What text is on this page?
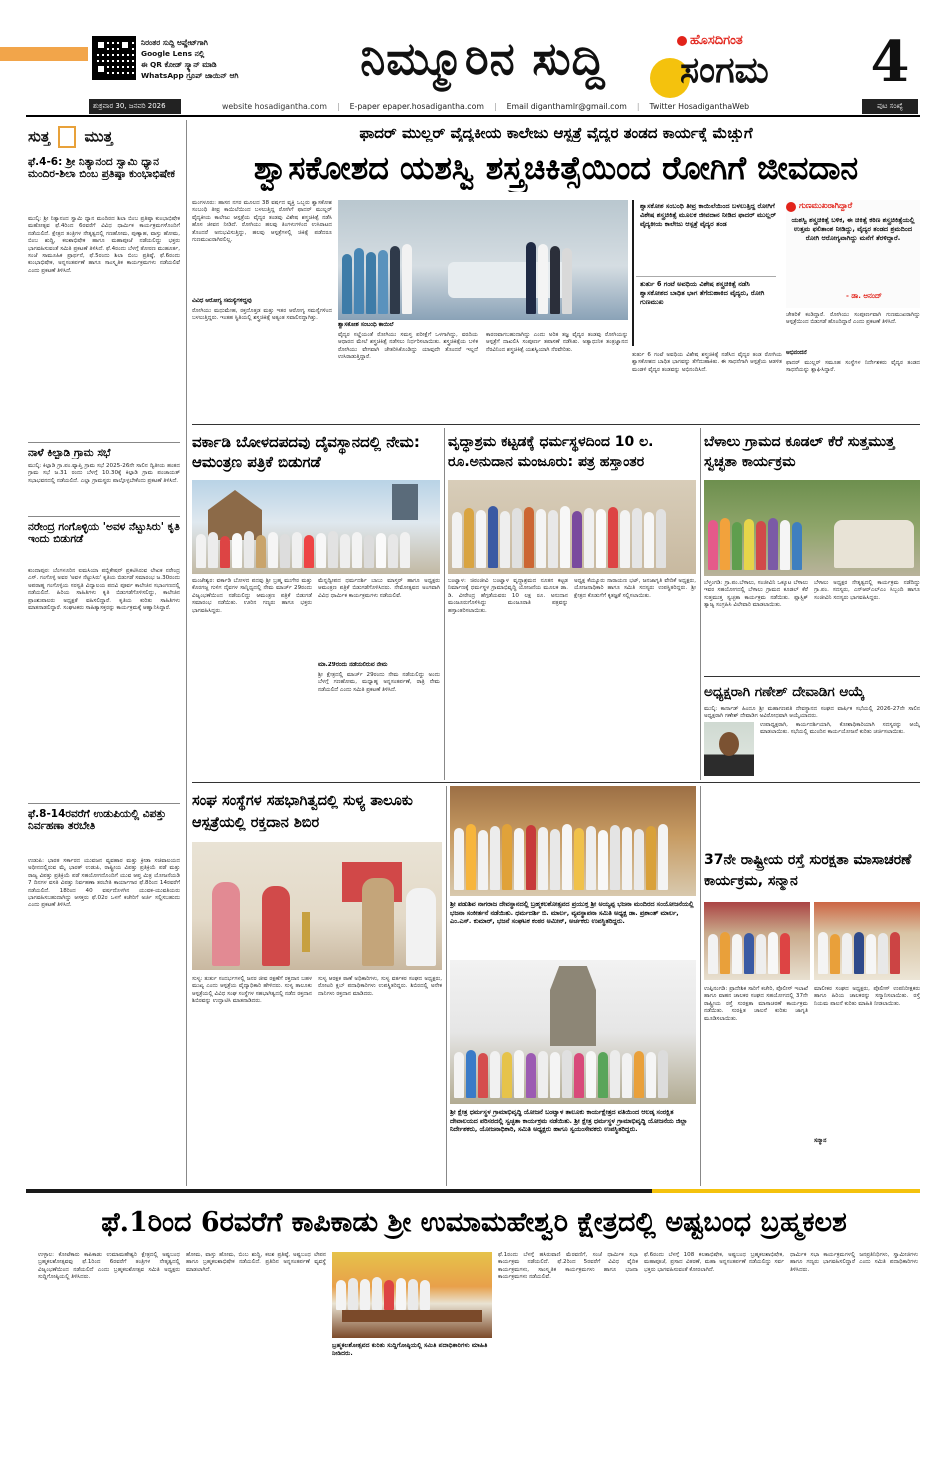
ನಿರಂತರ ಸುದ್ದಿ ಅಪ್ಡೇಟ್‌ಗಾಗಿ
Google Lens ನಲ್ಲಿ
ಈ QR ಕೋಡ್ ಸ್ಕ್ಯಾನ್ ಮಾಡಿ
WhatsApp ಗ್ರೂಪ್ ಜಾಯಿನ್ ಆಗಿ	ನಿಮ್ಮೂರಿನ ಸುದ್ದಿ	ಹೊಸದಿಗಂತ
ಸಂಗಮ 4
ಶುಕ್ರವಾರ 30, ಜನವರಿ 2026	website hosadigantha.com | E-paper epaper.hosadigantha.com | Email diganthamlr@gmail.com | Twitter HosadiganthaWeb	ಪುಟ ಸಂಖ್ಯೆ
ಸುತ್ತ ಮುತ್ತ
ಫೆ.4-6: ಶ್ರೀ ನಿತ್ಯಾನಂದ ಸ್ವಾಮಿ ಧ್ಯಾನ ಮಂದಿರ-ಶಿಲಾ ಬಿಂಬ ಪ್ರತಿಷ್ಠಾ ಕುಂಭಾಭಿಷೇಕ
ಮುಲ್ಕಿ: ಶ್ರೀ ನಿತ್ಯಾನಂದ ಸ್ವಾಮಿ ಧ್ಯಾನ ಮಂದಿರದ ಶಿಲಾ ಬಿಂಬ ಪ್ರತಿಷ್ಠಾ ಕುಂಭಾಭಿಷೇಕ ಮಹೋತ್ಸವ ಫೆ.4ರಿಂದ 6ರವರೆಗೆ ವಿವಿಧ ಧಾರ್ಮಿಕ ಕಾರ್ಯಕ್ರಮಗಳೊಂದಿಗೆ ನಡೆಯಲಿದೆ. ಕ್ಷೇತ್ರದ ತಂತ್ರಿಗಳ ನೇತೃತ್ವದಲ್ಲಿ ಗಣಹೋಮ, ಪುಣ್ಯಾಹ, ವಾಸ್ತು ಹೋಮ, ಬಿಂಬ ಶುದ್ಧಿ, ಕಲಶಾಭಿಷೇಕ ಹಾಗೂ ಮಹಾಪೂಜೆ ನಡೆಯಲಿದ್ದು ಭಕ್ತರು ಭಾಗವಹಿಸುವಂತೆ ಸಮಿತಿ ಪ್ರಕಟಣೆ ತಿಳಿಸಿದೆ. ಫೆ.4ರಂದು ಬೆಳಗ್ಗೆ ತೋರಣ ಮುಹೂರ್ತ, ಸಂಜೆ ಸಾಮೂಹಿಕ ಪ್ರಾರ್ಥನೆ, ಫೆ.5ರಂದು ಶಿಲಾ ಬಿಂಬ ಪ್ರತಿಷ್ಠೆ, ಫೆ.6ರಂದು ಕುಂಭಾಭಿಷೇಕ, ಅನ್ನಸಂತರ್ಪಣೆ ಹಾಗೂ ಸಾಂಸ್ಕೃತಿಕ ಕಾರ್ಯಕ್ರಮಗಳು ನಡೆಯಲಿವೆ ಎಂದು ಪ್ರಕಟಣೆ ತಿಳಿಸಿದೆ.
ನಾಳೆ ಕಿಲ್ಪಾಡಿ ಗ್ರಾಮ ಸಭೆ
ಮುಲ್ಕಿ: ಕಿಲ್ಪಾಡಿ ಗ್ರಾ.ಪಂ.ವ್ಯಾಪ್ತಿ ಗ್ರಾಮ ಸಭೆ 2025-26ನೇ ಸಾಲಿನ ದ್ವಿತೀಯ ಹಂತದ ಗ್ರಾಮ ಸಭೆ ಜ.31 ರಂದು ಬೆಳಗ್ಗೆ 10.30ಕ್ಕೆ ಕಿಲ್ಪಾಡಿ ಗ್ರಾಮ ಪಂಚಾಯತ್ ಸಭಾಭವನದಲ್ಲಿ ನಡೆಯಲಿದೆ. ಎಲ್ಲಾ ಗ್ರಾಮಸ್ಥರು ಪಾಲ್ಗೊಳ್ಳಬೇಕೆಂದು ಪ್ರಕಟಣೆ ತಿಳಿಸಿದೆ.
ನರೇಂದ್ರ ಗಂಗೊಳ್ಳಿಯ 'ಅವಳ ನೆಟ್ಟುಸಿರು' ಕೃತಿ ಇಂದು ಬಿಡುಗಡೆ
ಕುಂದಾಪುರ: ಬೆಂಗಳೂರಿನ ಐಮಸಿಯಾ ಪಬ್ಲಿಕೇಷನ್ ಪ್ರಕಟಿಸಿರುವ ಲೇಖಕ ನರೇಂದ್ರ ಎಸ್. ಗಂಗೊಳ್ಳಿ ಅವರ 'ಅವಳ ನೆಟ್ಟುಸಿರು' ಕೃತಿಯ ಬಿಡುಗಡೆ ಸಮಾರಂಭ ಜ.30ರಂದು ಅಪರಾಹ್ನ ಗಂಗೊಳ್ಳಿಯ ಸರಸ್ವತಿ ವಿದ್ಯಾಲಯ ಪದವಿ ಪೂರ್ವ ಕಾಲೇಜಿನ ಸಭಾಂಗಣದಲ್ಲಿ ನಡೆಯಲಿದೆ. ಹಿರಿಯ ಸಾಹಿತಿಗಳು ಕೃತಿ ಬಿಡುಗಡೆಗೊಳಿಸಲಿದ್ದು, ಕಾಲೇಜಿನ ಪ್ರಾಂಶುಪಾಲರು ಅಧ್ಯಕ್ಷತೆ ವಹಿಸಲಿದ್ದಾರೆ. ಕೃತಿಯ ಕುರಿತು ಸಾಹಿತಿಗಳು ಮಾತನಾಡಲಿದ್ದಾರೆ. ಸಂಘಟಕರು ಸಾಹಿತ್ಯಾಸಕ್ತರನ್ನು ಕಾರ್ಯಕ್ರಮಕ್ಕೆ ಆಹ್ವಾನಿಸಿದ್ದಾರೆ.
ಫೆ.8-14ರವರೆಗೆ ಉಡುಪಿಯಲ್ಲಿ ವಿಪತ್ತು ನಿರ್ವಹಣಾ ತರಬೇತಿ
ಉಡುಪಿ: ಭಾರತ ಸರ್ಕಾರದ ಯುವಜನ ವ್ಯವಹಾರ ಮತ್ತು ಕ್ರೀಡಾ ಸಚಿವಾಲಯದ ಅಧೀನದಲ್ಲಿರುವ ಮೈ ಭಾರತ್ ಉಡುಪಿ, ರಾಷ್ಟ್ರೀಯ ವಿಪತ್ತು ಪ್ರತಿಕ್ರಿಯೆ ಪಡೆ ಮತ್ತು ರಾಜ್ಯ ವಿಪತ್ತು ಪ್ರತಿಕ್ರಿಯೆ ಪಡೆ ಸಹಯೋಗದೊಂದಿಗೆ ಯುವ ಆಪ್ತ ಮಿತ್ರ ಯೋಜನೆಯಡಿ 7 ದಿನಗಳ ವಸತಿ ವಿಪತ್ತು ನಿರ್ವಹಣಾ ತರಬೇತಿ ಕಾರ್ಯಾಗಾರ ಫೆ.8ರಿಂದ 14ರವರೆಗೆ ನಡೆಯಲಿದೆ. 18ರಿಂದ 40 ವರ್ಷದೊಳಗಿನ ಯುವಕ-ಯುವತಿಯರು ಭಾಗವಹಿಸಬಹುದಾಗಿದ್ದು ಆಸಕ್ತರು ಫೆ.02ರ ಒಳಗೆ ಕಚೇರಿಗೆ ಅರ್ಜಿ ಸಲ್ಲಿಸಬಹುದು ಎಂದು ಪ್ರಕಟಣೆ ತಿಳಿಸಿದೆ.
ಫಾದರ್ ಮುಲ್ಲರ್ ವೈದ್ಯಕೀಯ ಕಾಲೇಜು ಆಸ್ಪತ್ರೆ ವೈದ್ಯರ ತಂಡದ ಕಾರ್ಯಕ್ಕೆ ಮೆಚ್ಚುಗೆ
ಶ್ವಾಸಕೋಶದ ಯಶಸ್ವಿ ಶಸ್ತ್ರಚಿಕಿತ್ಸೆಯಿಂದ ರೋಗಿಗೆ ಜೀವದಾನ
ಮಂಗಳೂರು: ಹಾಸನ ನಗರ ಮೂಲದ 38 ವರ್ಷದ ವ್ಯಕ್ತಿ ಒಬ್ಬರು ಶ್ವಾಸಕೋಶ ಸಂಬಂಧಿ ತೀವ್ರ ಕಾಯಿಲೆಯಿಂದ ಬಳಲುತ್ತಿದ್ದ ರೋಗಿಗೆ ಫಾದರ್ ಮುಲ್ಲರ್ ವೈದ್ಯಕೀಯ ಕಾಲೇಜು ಆಸ್ಪತ್ರೆಯ ವೈದ್ಯರ ತಂಡವು ವಿಶೇಷ ಶಸ್ತ್ರಚಿಕಿತ್ಸೆ ನಡೆಸಿ ಹೊಸ ಜೀವನ ನೀಡಿದೆ. ರೋಗಿಯು ಹಲವು ತಿಂಗಳುಗಳಿಂದ ಉಸಿರಾಟದ ತೊಂದರೆ ಅನುಭವಿಸುತ್ತಿದ್ದು, ಹಲವು ಆಸ್ಪತ್ರೆಗಳಲ್ಲಿ ಚಿಕಿತ್ಸೆ ಪಡೆದರೂ ಗುಣಮುಖರಾಗಿರಲಿಲ್ಲ.
ವಿವಿಧ ಅರೋಗ್ಯ ಸಮಸ್ಯೆಗಳಿದ್ದವು
ರೋಗಿಯು ಮಧುಮೇಹ, ರಕ್ತದೊತ್ತಡ ಮತ್ತು ಇತರ ಆರೋಗ್ಯ ಸಮಸ್ಯೆಗಳಿಂದ ಬಳಲುತ್ತಿದ್ದರು. ಇಂತಹ ಸ್ಥಿತಿಯಲ್ಲಿ ಶಸ್ತ್ರಚಿಕಿತ್ಸೆ ಅತ್ಯಂತ ಸವಾಲಿನದ್ದಾಗಿತ್ತು.
ಶ್ವಾಸಕೋಶ ಸಂಬಂಧಿ ಕಾಯಿಲೆ
ವೈದ್ಯರ ಸಲ್ಹೆಯಂತೆ ರೋಗಿಯು ಸಮಸ್ತ ಪರೀಕ್ಷೆಗೆ ಒಳಗಾಗಿದ್ದು, ವರದಿಯ ಆಧಾರದ ಮೇಲೆ ಶಸ್ತ್ರಚಿಕಿತ್ಸೆ ನಡೆಸಲು ನಿರ್ಧರಿಸಲಾಯಿತು. ಶಸ್ತ್ರಚಿಕಿತ್ಸೆಯ ಬಳಿಕ ರೋಗಿಯು ವೇಗವಾಗಿ ಚೇತರಿಸಿಕೊಂಡಿದ್ದು ಯಾವುದೇ ತೊಂದರೆ ಇಲ್ಲದೆ ಉಸಿರಾಡುತ್ತಿದ್ದಾರೆ.
ಕಾರಣವಾಗಬಹುದಾಗಿದ್ದು ಎಂದು ಅರಿತ ತಜ್ಞ ವೈದ್ಯರ ತಂಡವು ರೋಗಿಯನ್ನು ಆಸ್ಪತ್ರೆಗೆ ದಾಖಲಿಸಿ ಸಂಪೂರ್ಣ ತಪಾಸಣೆ ನಡೆಸಿತು. ಅತ್ಯಾಧುನಿಕ ತಂತ್ರಜ್ಞಾನದ ನೆರವಿನಿಂದ ಶಸ್ತ್ರಚಿಕಿತ್ಸೆ ಯಶಸ್ವಿಯಾಗಿ ನೆರವೇರಿತು.
ಶ್ವಾಸಕೋಶ ಸಂಬಂಧಿ ತೀವ್ರ ಕಾಯಿಲೆಯಿಂದ ಬಳಲುತ್ತಿದ್ದ ರೋಗಿಗೆ ವಿಶೇಷ ಶಸ್ತ್ರಚಿಕಿತ್ಸೆ ಮೂಲಕ ಜೀವದಾನ ನೀಡಿದ ಫಾದರ್ ಮುಲ್ಲರ್ ವೈದ್ಯಕೀಯ ಕಾಲೇಜು ಆಸ್ಪತ್ರೆ ವೈದ್ಯರ ತಂಡ
ತುರ್ತು 6 ಗಂಟೆ ಅವಧಿಯ ವಿಶೇಷ ಶಸ್ತ್ರಚಿಕಿತ್ಸೆ ನಡೆಸಿ ಶ್ವಾಸಕೋಶದ ಬಾಧಿತ ಭಾಗ ತೆಗೆದುಹಾಕಿದ ವೈದ್ಯರು, ರೋಗಿ ಗುಣಮುಖ
ತುರ್ತು 6 ಗಂಟೆ ಅವಧಿಯ ವಿಶೇಷ ಶಸ್ತ್ರಚಿಕಿತ್ಸೆ ನಡೆಸಿದ ವೈದ್ಯರ ತಂಡ ರೋಗಿಯ ಶ್ವಾಸಕೋಶದ ಬಾಧಿತ ಭಾಗವನ್ನು ತೆಗೆದುಹಾಕಿತು. ಈ ಸಾಧನೆಗಾಗಿ ಆಸ್ಪತ್ರೆಯ ಆಡಳಿತ ಮಂಡಳಿ ವೈದ್ಯರ ತಂಡವನ್ನು ಅಭಿನಂದಿಸಿದೆ.
ಗುಣಮುಖರಾಗಿದ್ದಾರೆ
ಯಶಸ್ವಿ ಶಸ್ತ್ರಚಿಕಿತ್ಸೆ ಬಳಿಕ, ಈ ಚಿಕಿತ್ಸೆ ಕಠಿಣ ಶಸ್ತ್ರಚಿಕಿತ್ಸೆಯಲ್ಲಿ ಉತ್ತಮ ಫಲಿತಾಂಶ ನೀಡಿದ್ದು, ವೈದ್ಯರ ತಂಡದ ಶ್ರಮದಿಂದ ರೋಗಿ ಆರೋಗ್ಯವಾಗಿದ್ದು ಮನೆಗೆ ತೆರಳಿದ್ದಾರೆ.
- ಡಾ. ಆನಂದ್
ಚೇತರಿಕೆ ಕಂಡಿದ್ದಾರೆ. ರೋಗಿಯು ಸಂಪೂರ್ಣವಾಗಿ ಗುಣಮುಖರಾಗಿದ್ದು ಆಸ್ಪತ್ರೆಯಿಂದ ಬಿಡುಗಡೆ ಹೊಂದಿದ್ದಾರೆ ಎಂದು ಪ್ರಕಟಣೆ ತಿಳಿಸಿದೆ.
ಅಭಿನಂದನೆ
ಫಾದರ್ ಮುಲ್ಲರ್ ಸಮೂಹ ಸಂಸ್ಥೆಗಳ ನಿರ್ದೇಶಕರು ವೈದ್ಯರ ತಂಡದ ಸಾಧನೆಯನ್ನು ಶ್ಲಾಘಿಸಿದ್ದಾರೆ.
ವರ್ಕಾಡಿ ಬೋಳದಪದವು ದೈವಸ್ಥಾನದಲ್ಲಿ ನೇಮ: ಆಮಂತ್ರಣ ಪತ್ರಿಕೆ ಬಿಡುಗಡೆ
ಮಂಜೇಶ್ವರ: ವರ್ಕಾಡಿ ಬೋಳದ ಪದವು ಶ್ರೀ ಬ್ರಹ್ಮ ಮುಗೇರ ಮತ್ತು ಕೊರಗಜ್ಜ ಗುಳಿಗ ದೈವಗಳ ಸಾನ್ನಿಧ್ಯದಲ್ಲಿ ನೇಮ ಮಾರ್ಚ್ 29ರಂದು ವಿಜೃಂಭಣೆಯಿಂದ ನಡೆಯಲಿದ್ದು ಆಮಂತ್ರಣ ಪತ್ರಿಕೆ ಬಿಡುಗಡೆ ಸಮಾರಂಭ ನಡೆಯಿತು. ಊರಿನ ಗಣ್ಯರು ಹಾಗೂ ಭಕ್ತರು ಭಾಗವಹಿಸಿದ್ದರು.
ಮೆನ್ನದ್ವೀಪದ ಧರ್ಮದರ್ಶಿ ಬಾಬು ಮಾಸ್ತರ್ ಹಾಗೂ ಅಧ್ಯಕ್ಷರು ಆಮಂತ್ರಣ ಪತ್ರಿಕೆ ಬಿಡುಗಡೆಗೊಳಿಸಿದರು. ನೇಮೋತ್ಸವದ ಅಂಗವಾಗಿ ವಿವಿಧ ಧಾರ್ಮಿಕ ಕಾರ್ಯಕ್ರಮಗಳು ನಡೆಯಲಿವೆ.
ಮಾ.29ರಂದು ನಡೆಯಲಿರುವ ನೇಮ
ಶ್ರೀ ಕ್ಷೇತ್ರದಲ್ಲಿ ಮಾರ್ಚ್ 29ರಂದು ನೇಮ ನಡೆಯಲಿದ್ದು ಅಂದು ಬೆಳಗ್ಗೆ ಗಣಹೋಮ, ಮಧ್ಯಾಹ್ನ ಅನ್ನಸಂತರ್ಪಣೆ, ರಾತ್ರಿ ನೇಮ ನಡೆಯಲಿದೆ ಎಂದು ಸಮಿತಿ ಪ್ರಕಟಣೆ ತಿಳಿಸಿದೆ.
ವೃದ್ಧಾಶ್ರಮ ಕಟ್ಟಡಕ್ಕೆ ಧರ್ಮಸ್ಥಳದಿಂದ 10 ಲ. ರೂ.ಅನುದಾನ ಮಂಜೂರು: ಪತ್ರ ಹಸ್ತಾಂತರ
ಬಂಟ್ವಾಳ: ಚಿರಂಜೀವಿ ಬಂಟ್ವಾಳ ವೃದ್ಧಾಶ್ರಮದ ನೂತನ ಕಟ್ಟಡ ನಿರ್ಮಾಣಕ್ಕೆ ಧರ್ಮಸ್ಥಳ ಗ್ರಾಮಾಭಿವೃದ್ಧಿ ಯೋಜನೆಯ ಮೂಲಕ ಡಾ. ಡಿ. ವೀರೇಂದ್ರ ಹೆಗ್ಗಡೆಯವರು 10 ಲಕ್ಷ ರೂ. ಅನುದಾನ ಮಂಜೂರುಗೊಳಿಸಿದ್ದು ಮಂಜೂರಾತಿ ಪತ್ರವನ್ನು ಹಸ್ತಾಂತರಿಸಲಾಯಿತು.
ಅಧ್ಯಕ್ಷ ಕೆಯ್ಯೂರು ನಾರಾಯಣ ಭಟ್, ಜನಜಾಗೃತಿ ವೇದಿಕೆ ಅಧ್ಯಕ್ಷರು, ಯೋಜನಾಧಿಕಾರಿ ಹಾಗೂ ಸಮಿತಿ ಸದಸ್ಯರು ಉಪಸ್ಥಿತರಿದ್ದರು. ಶ್ರೀ ಕ್ಷೇತ್ರದ ಕೊಡುಗೆಗೆ ಕೃತಜ್ಞತೆ ಸಲ್ಲಿಸಲಾಯಿತು.
ಬೆಳಾಲು ಗ್ರಾಮದ ಕೂಡಲ್ ಕೆರೆ ಸುತ್ತಮುತ್ತ ಸ್ವಚ್ಛತಾ ಕಾರ್ಯಕ್ರಮ
ಬೆಳ್ತಂಗಡಿ: ಗ್ರಾ.ಪಂ.ಬೆಳಾಲು, ಸಂಜೀವಿನಿ ಒಕ್ಕೂಟ ಬೆಳಾಲು ಇವರ ಸಹಯೋಗದಲ್ಲಿ ಬೆಳಾಲು ಗ್ರಾಮದ ಕೂಡಲ್ ಕೆರೆ ಸುತ್ತಮುತ್ತ ಸ್ವಚ್ಛತಾ ಕಾರ್ಯಕ್ರಮ ನಡೆಯಿತು. ಪ್ಲಾಸ್ಟಿಕ್ ತ್ಯಾಜ್ಯ ಸಂಗ್ರಹಿಸಿ ವಿಲೇವಾರಿ ಮಾಡಲಾಯಿತು.
ಬೆಳಾಲು ಅಧ್ಯಕ್ಷರ ನೇತೃತ್ವದಲ್ಲಿ ಕಾರ್ಯಕ್ರಮ ನಡೆದಿದ್ದು ಗ್ರಾ.ಪಂ. ಸದಸ್ಯರು, ಎನ್‌ಆರ್‌ಎಲ್‌ಎಂ ಸಿಬ್ಬಂದಿ ಹಾಗೂ ಸಂಜೀವಿನಿ ಸದಸ್ಯರು ಭಾಗವಹಿಸಿದ್ದರು.
ಅಧ್ಯಕ್ಷರಾಗಿ ಗಣೇಶ್ ದೇವಾಡಿಗ ಆಯ್ಕೆ
ಮುಲ್ಕಿ: ಕಾರ್ನಾಡ್ ಹಿಂದೂ ಶ್ರೀ ಮಹಾಗಣಪತಿ ದೇವಸ್ಥಾನದ ಸಂಘದ ವಾರ್ಷಿಕ ಸಭೆಯಲ್ಲಿ 2026-27ನೇ ಸಾಲಿನ ಅಧ್ಯಕ್ಷರಾಗಿ ಗಣೇಶ್ ದೇವಾಡಿಗ ಅವಿರೋಧವಾಗಿ ಆಯ್ಕೆಯಾದರು.
ಉಪಾಧ್ಯಕ್ಷರಾಗಿ, ಕಾರ್ಯದರ್ಶಿಯಾಗಿ, ಕೋಶಾಧಿಕಾರಿಯಾಗಿ ಸದಸ್ಯರನ್ನು ಆಯ್ಕೆ ಮಾಡಲಾಯಿತು. ಸಭೆಯಲ್ಲಿ ಮುಂದಿನ ಕಾರ್ಯಯೋಜನೆ ಕುರಿತು ಚರ್ಚಿಸಲಾಯಿತು.
ಸಂಘ ಸಂಸ್ಥೆಗಳ ಸಹಭಾಗಿತ್ವದಲ್ಲಿ ಸುಳ್ಯ ತಾಲೂಕು ಆಸ್ಪತ್ರೆಯಲ್ಲಿ ರಕ್ತದಾನ ಶಿಬಿರ
ಸುಳ್ಯ: ತುರ್ತು ಸಂದರ್ಭಗಳಲ್ಲಿ ಜನರ ಜೀವ ರಕ್ಷಣೆಗೆ ರಕ್ತದಾನ ಬಹಳ ಮುಖ್ಯ ಎಂದು ಆಸ್ಪತ್ರೆಯ ವೈದ್ಯಾಧಿಕಾರಿ ಹೇಳಿದರು. ಸುಳ್ಯ ತಾಲೂಕು ಆಸ್ಪತ್ರೆಯಲ್ಲಿ ವಿವಿಧ ಸಂಘ ಸಂಸ್ಥೆಗಳ ಸಹಭಾಗಿತ್ವದಲ್ಲಿ ನಡೆದ ರಕ್ತದಾನ ಶಿಬಿರವನ್ನು ಉದ್ಘಾಟಿಸಿ ಮಾತನಾಡಿದರು.
ಸುಳ್ಯ ಆರಕ್ಷಕ ಠಾಣೆ ಅಧಿಕಾರಿಗಳು, ಸುಳ್ಯ ವರ್ತಕರ ಸಂಘದ ಅಧ್ಯಕ್ಷರು, ರೋಟರಿ ಕ್ಲಬ್ ಪದಾಧಿಕಾರಿಗಳು ಉಪಸ್ಥಿತರಿದ್ದರು. ಶಿಬಿರದಲ್ಲಿ ಅನೇಕ ದಾನಿಗಳು ರಕ್ತದಾನ ಮಾಡಿದರು.
ಶ್ರೀ ಪಡುಶಿವ ನಾಗರಾಜ ದೇವಸ್ಥಾನದಲ್ಲಿ ಬ್ರಹ್ಮಕಲಶೋತ್ಸವದ ಪ್ರಯುಕ್ತ ಶ್ರೀ ಅಯ್ಯಪ್ಪ ಭಜನಾ ಮಂದಿರದ ಸಂಯೋಜನೆಯಲ್ಲಿ ಭಜನಾ ಸಂಕೀರ್ತನೆ ನಡೆಯಿತು. ಧರ್ಮದರ್ಶಿ ಬಿ. ಮಾರ್ಲ, ವ್ಯವಸ್ಥಾಪನಾ ಸಮಿತಿ ಅಧ್ಯಕ್ಷ ಡಾ. ಪ್ರಶಾಂತ್ ಮಾರ್ಲ, ಎಂ.ಎಸ್. ಕುಮಾರ್, ಭಜನೆ ಸಂಘಟಕ ಕಂಠರ ಅಮೀನ್, ಅರ್ಚಕರು ಉಪಸ್ಥಿತರಿದ್ದರು.
ಶ್ರೀ ಕ್ಷೇತ್ರ ಧರ್ಮಸ್ಥಳ ಗ್ರಾಮಾಭಿವೃದ್ಧಿ ಯೋಜನೆ ಬಂಟ್ವಾಳ ತಾಲೂಕು ಕಾರ್ಯಕ್ಷೇತ್ರದ ವತಿಯಿಂದ ಆಲಡ್ಕ ಸಂರಕ್ಷಿತ ದೇವಾಲಯದ ಪರಿಸರದಲ್ಲಿ ಸ್ವಚ್ಛತಾ ಕಾರ್ಯಕ್ರಮ ನಡೆಯಿತು. ಶ್ರೀ ಕ್ಷೇತ್ರ ಧರ್ಮಸ್ಥಳ ಗ್ರಾಮಾಭಿವೃದ್ಧಿ ಯೋಜನೆಯ ಜಿಲ್ಲಾ ನಿರ್ದೇಶಕರು, ಯೋಜನಾಧಿಕಾರಿ, ಸಮಿತಿ ಅಧ್ಯಕ್ಷರು ಹಾಗೂ ಸ್ವಯಂಸೇವಕರು ಉಪಸ್ಥಿತರಿದ್ದರು.
37ನೇ ರಾಷ್ಟ್ರೀಯ ರಸ್ತೆ ಸುರಕ್ಷತಾ ಮಾಸಾಚರಣೆ ಕಾರ್ಯಕ್ರಮ, ಸನ್ಮಾನ
ಉಪ್ಪಿನಂಗಡಿ: ಪ್ರಾದೇಶಿಕ ಸಾರಿಗೆ ಕಚೇರಿ, ಪೊಲೀಸ್ ಇಲಾಖೆ ಹಾಗೂ ವಾಹನ ಚಾಲಕರ ಸಂಘದ ಸಹಯೋಗದಲ್ಲಿ 37ನೇ ರಾಷ್ಟ್ರೀಯ ರಸ್ತೆ ಸುರಕ್ಷತಾ ಮಾಸಾಚರಣೆ ಕಾರ್ಯಕ್ರಮ ನಡೆಯಿತು. ಸುರಕ್ಷಿತ ಚಾಲನೆ ಕುರಿತು ಜಾಗೃತಿ ಮೂಡಿಸಲಾಯಿತು.
ಮಾಲೀಕರ ಸಂಘದ ಅಧ್ಯಕ್ಷರು, ಪೊಲೀಸ್ ಉಪನಿರೀಕ್ಷಕರು ಹಾಗೂ ಹಿರಿಯ ಚಾಲಕರನ್ನು ಸನ್ಮಾನಿಸಲಾಯಿತು. ರಸ್ತೆ ನಿಯಮ ಪಾಲನೆ ಕುರಿತು ಮಾಹಿತಿ ನೀಡಲಾಯಿತು.
ಸನ್ಮಾನ
ಫೆ.1ರಿಂದ 6ರವರೆಗೆ ಕಾಪಿಕಾಡು ಶ್ರೀ ಉಮಾಮಹೇಶ್ವರಿ ಕ್ಷೇತ್ರದಲ್ಲಿ ಅಷ್ಟಬಂಧ ಬ್ರಹ್ಮಕಲಶ
ಉಳ್ಳಾಲ: ಕೋಟೆಕಾರು ಕಾಪಿಕಾಡು ಉಮಾಮಹೇಶ್ವರಿ ಕ್ಷೇತ್ರದಲ್ಲಿ ಅಷ್ಟಬಂಧ ಬ್ರಹ್ಮಕಲಶೋತ್ಸವವು ಫೆ.1ರಿಂದ 6ರವರೆಗೆ ತಂತ್ರಿಗಳ ನೇತೃತ್ವದಲ್ಲಿ ವಿಜೃಂಭಣೆಯಿಂದ ನಡೆಯಲಿದೆ ಎಂದು ಬ್ರಹ್ಮಕಲಶೋತ್ಸವ ಸಮಿತಿ ಅಧ್ಯಕ್ಷರು ಸುದ್ದಿಗೋಷ್ಠಿಯಲ್ಲಿ ತಿಳಿಸಿದರು.
ಹೋಮ, ವಾಸ್ತು ಹೋಮ, ಬಿಂಬ ಶುದ್ಧಿ, ಕಲಶ ಪ್ರತಿಷ್ಠೆ, ಅಷ್ಟಬಂಧ ಲೇಪನ ಹಾಗೂ ಬ್ರಹ್ಮಕಲಶಾಭಿಷೇಕ ನಡೆಯಲಿದೆ. ಪ್ರತಿದಿನ ಅನ್ನಸಂತರ್ಪಣೆ ವ್ಯವಸ್ಥೆ ಮಾಡಲಾಗಿದೆ.
ಬ್ರಹ್ಮಕಲಶೋತ್ಸವದ ಕುರಿತು ಸುದ್ದಿಗೋಷ್ಠಿಯಲ್ಲಿ ಸಮಿತಿ ಪದಾಧಿಕಾರಿಗಳು ಮಾಹಿತಿ ನೀಡಿದರು.
ಫೆ.1ರಂದು ಬೆಳಗ್ಗೆ ಹಸಿರುವಾಣಿ ಮೆರವಣಿಗೆ, ಸಂಜೆ ಧಾರ್ಮಿಕ ಸಭಾ ಕಾರ್ಯಕ್ರಮ ನಡೆಯಲಿದೆ. ಫೆ.2ರಿಂದ 5ರವರೆಗೆ ವಿವಿಧ ವೈದಿಕ ಕಾರ್ಯಕ್ರಮಗಳು, ಸಾಂಸ್ಕೃತಿಕ ಕಾರ್ಯಕ್ರಮಗಳು ಹಾಗೂ ಭಜನಾ ಕಾರ್ಯಕ್ರಮಗಳು ನಡೆಯಲಿವೆ.
ಫೆ.6ರಂದು ಬೆಳಗ್ಗೆ 108 ಕಲಶಾಭಿಷೇಕ, ಅಷ್ಟಬಂಧ ಬ್ರಹ್ಮಕಲಶಾಭಿಷೇಕ, ಮಹಾಪೂಜೆ, ಪ್ರಸಾದ ವಿತರಣೆ, ಮಹಾ ಅನ್ನಸಂತರ್ಪಣೆ ನಡೆಯಲಿದ್ದು ಸರ್ವ ಭಕ್ತರು ಭಾಗವಹಿಸುವಂತೆ ಕೋರಲಾಗಿದೆ.
ಧಾರ್ಮಿಕ ಸಭಾ ಕಾರ್ಯಕ್ರಮಗಳಲ್ಲಿ ಜನಪ್ರತಿನಿಧಿಗಳು, ಸ್ವಾಮೀಜಿಗಳು ಹಾಗೂ ಗಣ್ಯರು ಭಾಗವಹಿಸಲಿದ್ದಾರೆ ಎಂದು ಸಮಿತಿ ಪದಾಧಿಕಾರಿಗಳು ತಿಳಿಸಿದರು.
